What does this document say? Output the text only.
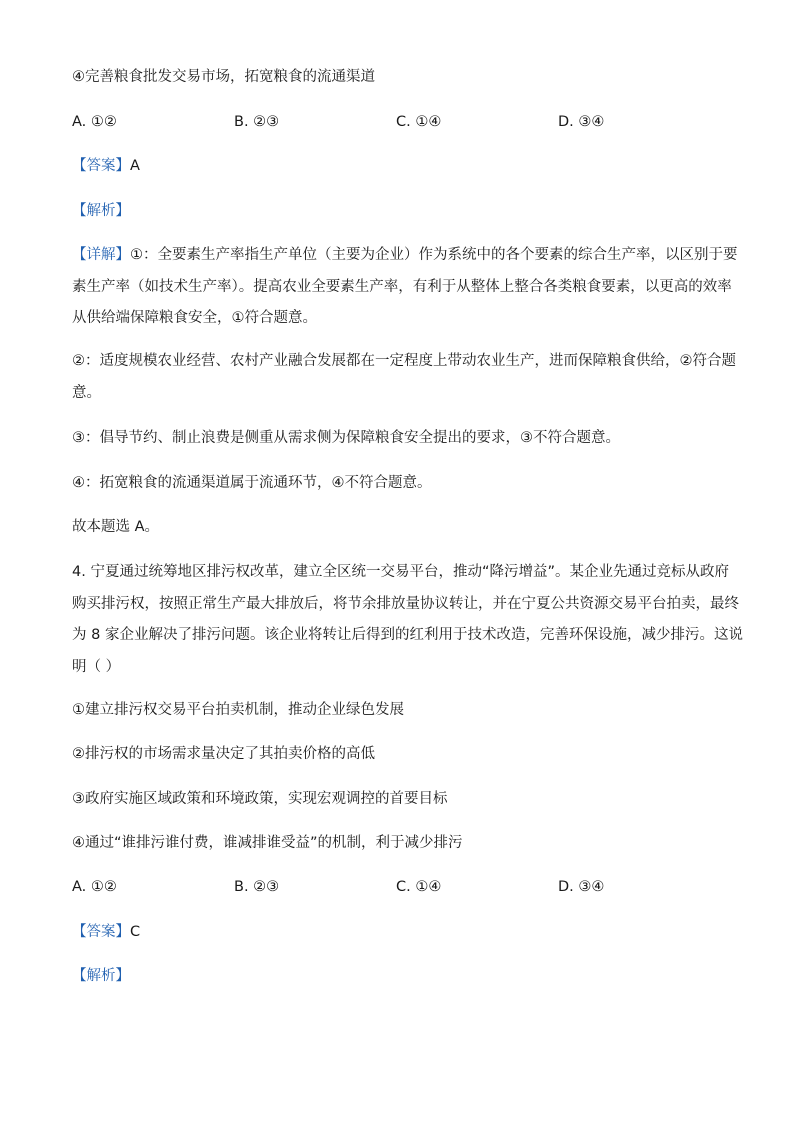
④完善粮食批发交易市场，拓宽粮食的流通渠道
A. ①②	B. ②③	C. ①④	D. ③④
【答案】A
【解析】
【详解】①：全要素生产率指生产单位（主要为企业）作为系统中的各个要素的综合生产率，以区别于要
素生产率（如技术生产率）。提高农业全要素生产率，有利于从整体上整合各类粮食要素，以更高的效率
从供给端保障粮食安全，①符合题意。
②：适度规模农业经营、农村产业融合发展都在一定程度上带动农业生产，进而保障粮食供给，②符合题
意。
③：倡导节约、制止浪费是侧重从需求侧为保障粮食安全提出的要求，③不符合题意。
④：拓宽粮食的流通渠道属于流通环节，④不符合题意。
故本题选 A。
4. 宁夏通过统筹地区排污权改革，建立全区统一交易平台，推动“降污增益”。某企业先通过竞标从政府
购买排污权，按照正常生产最大排放后，将节余排放量协议转让，并在宁夏公共资源交易平台拍卖，最终
为 8 家企业解决了排污问题。该企业将转让后得到的红利用于技术改造，完善环保设施，减少排污。这说
明（ ）
①建立排污权交易平台拍卖机制，推动企业绿色发展
②排污权的市场需求量决定了其拍卖价格的高低
③政府实施区域政策和环境政策，实现宏观调控的首要目标
④通过“谁排污谁付费，谁减排谁受益”的机制，利于减少排污
A. ①②	B. ②③	C. ①④	D. ③④
【答案】C
【解析】
